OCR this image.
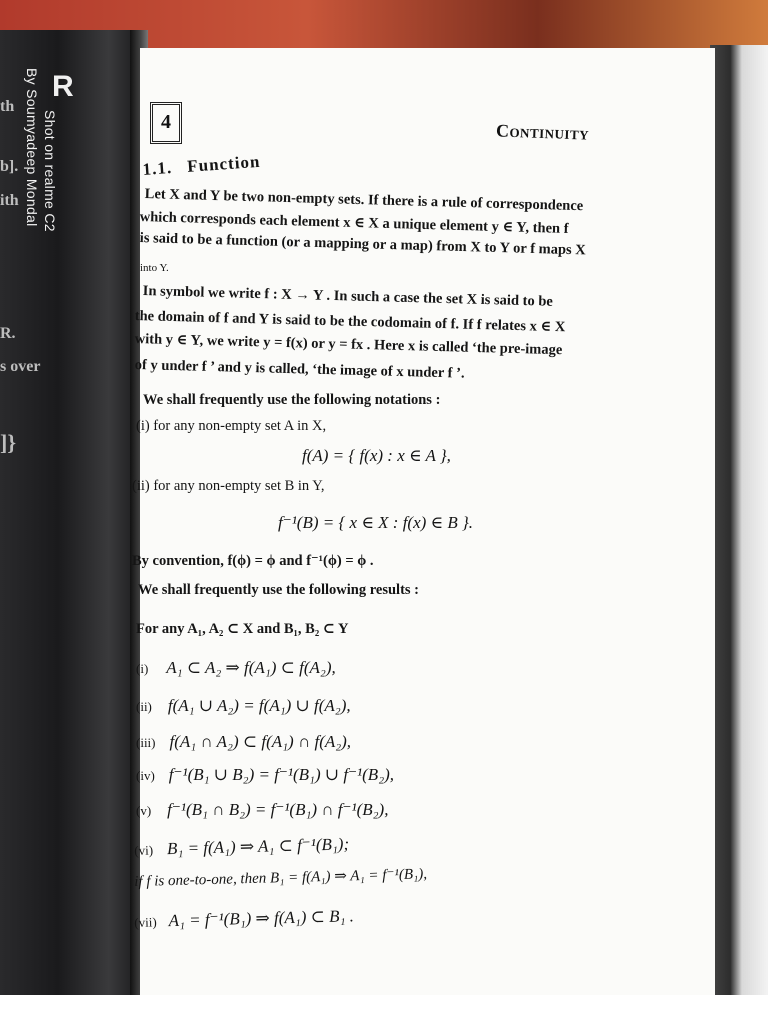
th
b].
ith
R.
s over
]}
R
Shot on realme C2
By Soumyadeep Mondal	4	Continuity
1.1. Function
Let X and Y be two non-empty sets. If there is a rule of correspondence
which corresponds each element x ∈ X a unique element y ∈ Y, then f
is said to be a function (or a mapping or a map) from X to Y or f maps X
into Y.
In symbol we write f : X → Y . In such a case the set X is said to be
the domain of f and Y is said to be the codomain of f. If f relates x ∈ X
with y ∈ Y, we write y = f(x) or y = fx . Here x is called ‘the pre-image
of y under f ’ and y is called, ‘the image of x under f ’.
We shall frequently use the following notations :
(i) for any non-empty set A in X,
f(A) = { f(x) : x ∈ A },
(ii) for any non-empty set B in Y,
f⁻¹(B) = { x ∈ X : f(x) ∈ B }.
By convention, f(ϕ) = ϕ and f⁻¹(ϕ) = ϕ .
We shall frequently use the following results :
For any A₁, A₂ ⊂ X and B₁, B₂ ⊂ Y
(i) A₁ ⊂ A₂ ⇒ f(A₁) ⊂ f(A₂),
(ii) f(A₁ ∪ A₂) = f(A₁) ∪ f(A₂),
(iii) f(A₁ ∩ A₂) ⊂ f(A₁) ∩ f(A₂),
(iv) f⁻¹(B₁ ∪ B₂) = f⁻¹(B₁) ∪ f⁻¹(B₂),
(v) f⁻¹(B₁ ∩ B₂) = f⁻¹(B₁) ∩ f⁻¹(B₂),
(vi) B₁ = f(A₁) ⇒ A₁ ⊂ f⁻¹(B₁);
if f is one-to-one, then B₁ = f(A₁) ⇒ A₁ = f⁻¹(B₁),
(vii) A₁ = f⁻¹(B₁) ⇒ f(A₁) ⊂ B₁ .
